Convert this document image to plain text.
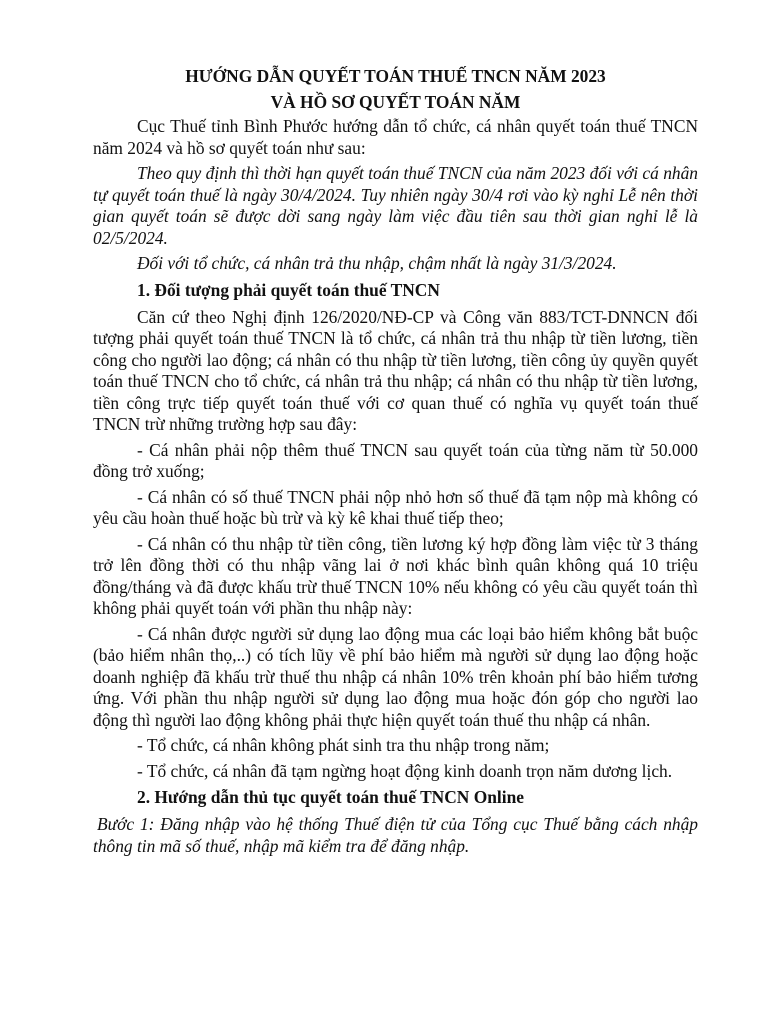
HƯỚNG DẪN QUYẾT TOÁN THUẾ TNCN NĂM 2023
VÀ HỒ SƠ QUYẾT TOÁN NĂM

Cục Thuế tỉnh Bình Phước hướng dẫn tổ chức, cá nhân quyết toán thuế TNCN năm 2024 và hồ sơ quyết toán như sau:

Theo quy định thì thời hạn quyết toán thuế TNCN của năm 2023 đối với cá nhân tự quyết toán thuế là ngày 30/4/2024. Tuy nhiên ngày 30/4 rơi vào kỳ nghỉ Lễ nên thời gian quyết toán sẽ được dời sang ngày làm việc đầu tiên sau thời gian nghỉ lễ là 02/5/2024.

Đối với tổ chức, cá nhân trả thu nhập, chậm nhất là ngày 31/3/2024.

1. Đối tượng phải quyết toán thuế TNCN

Căn cứ theo Nghị định 126/2020/NĐ-CP và Công văn 883/TCT-DNNCN đối tượng phải quyết toán thuế TNCN là tổ chức, cá nhân trả thu nhập từ tiền lương, tiền công cho người lao động; cá nhân có thu nhập từ tiền lương, tiền công ủy quyền quyết toán thuế TNCN cho tổ chức, cá nhân trả thu nhập; cá nhân có thu nhập từ tiền lương, tiền công trực tiếp quyết toán thuế với cơ quan thuế có nghĩa vụ quyết toán thuế TNCN trừ những trường hợp sau đây:

- Cá nhân phải nộp thêm thuế TNCN sau quyết toán của từng năm từ 50.000 đồng trở xuống;

- Cá nhân có số thuế TNCN phải nộp nhỏ hơn số thuế đã tạm nộp mà không có yêu cầu hoàn thuế hoặc bù trừ và kỳ kê khai thuế tiếp theo;

- Cá nhân có thu nhập từ tiền công, tiền lương ký hợp đồng làm việc từ 3 tháng trở lên đồng thời có thu nhập vãng lai ở nơi khác bình quân không quá 10 triệu đồng/tháng và đã được khấu trừ thuế TNCN 10% nếu không có yêu cầu quyết toán thì không phải quyết toán với phần thu nhập này:

- Cá nhân được người sử dụng lao động mua các loại bảo hiểm không bắt buộc (bảo hiểm nhân thọ,..) có tích lũy về phí bảo hiểm mà người sử dụng lao động hoặc doanh nghiệp đã khấu trừ thuế thu nhập cá nhân 10% trên khoản phí bảo hiểm tương ứng. Với phần thu nhập người sử dụng lao động mua hoặc đón góp cho người lao động thì người lao động không phải thực hiện quyết toán thuế thu nhập cá nhân.

- Tổ chức, cá nhân không phát sinh tra thu nhập trong năm;

- Tổ chức, cá nhân đã tạm ngừng hoạt động kinh doanh trọn năm dương lịch.

2. Hướng dẫn thủ tục quyết toán thuế TNCN Online

Bước 1: Đăng nhập vào hệ thống Thuế điện tử của Tổng cục Thuế bằng cách nhập thông tin mã số thuế, nhập mã kiểm tra để đăng nhập.
